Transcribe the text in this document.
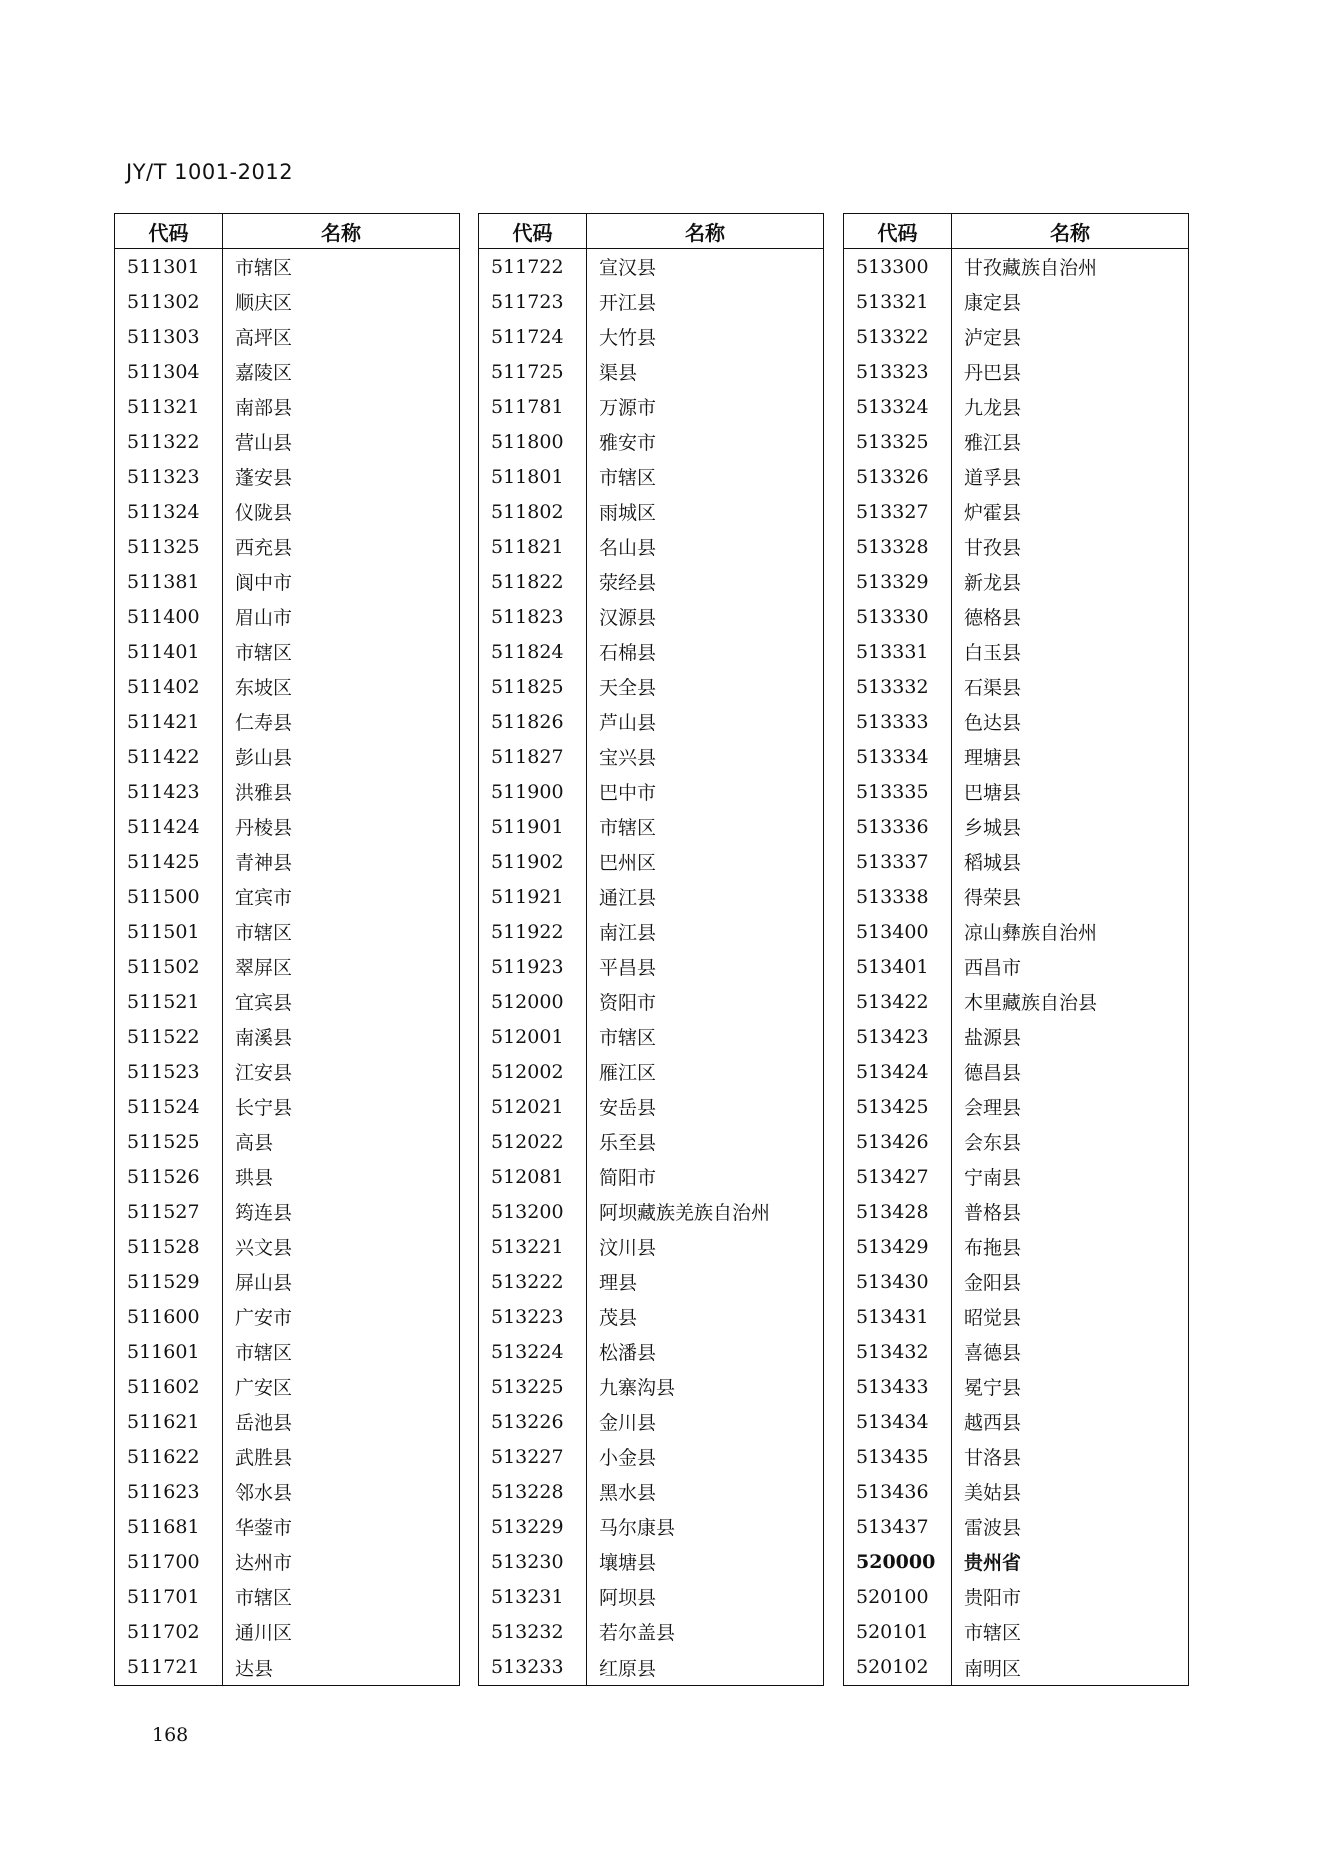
JY/T 1001-2012
代码	名称
511301	市辖区
511302	顺庆区
511303	高坪区
511304	嘉陵区
511321	南部县
511322	营山县
511323	蓬安县
511324	仪陇县
511325	西充县
511381	阆中市
511400	眉山市
511401	市辖区
511402	东坡区
511421	仁寿县
511422	彭山县
511423	洪雅县
511424	丹棱县
511425	青神县
511500	宜宾市
511501	市辖区
511502	翠屏区
511521	宜宾县
511522	南溪县
511523	江安县
511524	长宁县
511525	高县
511526	珙县
511527	筠连县
511528	兴文县
511529	屏山县
511600	广安市
511601	市辖区
511602	广安区
511621	岳池县
511622	武胜县
511623	邻水县
511681	华蓥市
511700	达州市
511701	市辖区
511702	通川区
511721	达县
代码	名称
511722	宣汉县
511723	开江县
511724	大竹县
511725	渠县
511781	万源市
511800	雅安市
511801	市辖区
511802	雨城区
511821	名山县
511822	荥经县
511823	汉源县
511824	石棉县
511825	天全县
511826	芦山县
511827	宝兴县
511900	巴中市
511901	市辖区
511902	巴州区
511921	通江县
511922	南江县
511923	平昌县
512000	资阳市
512001	市辖区
512002	雁江区
512021	安岳县
512022	乐至县
512081	简阳市
513200	阿坝藏族羌族自治州
513221	汶川县
513222	理县
513223	茂县
513224	松潘县
513225	九寨沟县
513226	金川县
513227	小金县
513228	黑水县
513229	马尔康县
513230	壤塘县
513231	阿坝县
513232	若尔盖县
513233	红原县
代码	名称
513300	甘孜藏族自治州
513321	康定县
513322	泸定县
513323	丹巴县
513324	九龙县
513325	雅江县
513326	道孚县
513327	炉霍县
513328	甘孜县
513329	新龙县
513330	德格县
513331	白玉县
513332	石渠县
513333	色达县
513334	理塘县
513335	巴塘县
513336	乡城县
513337	稻城县
513338	得荣县
513400	凉山彝族自治州
513401	西昌市
513422	木里藏族自治县
513423	盐源县
513424	德昌县
513425	会理县
513426	会东县
513427	宁南县
513428	普格县
513429	布拖县
513430	金阳县
513431	昭觉县
513432	喜德县
513433	冕宁县
513434	越西县
513435	甘洛县
513436	美姑县
513437	雷波县
520000	贵州省
520100	贵阳市
520101	市辖区
520102	南明区
168
